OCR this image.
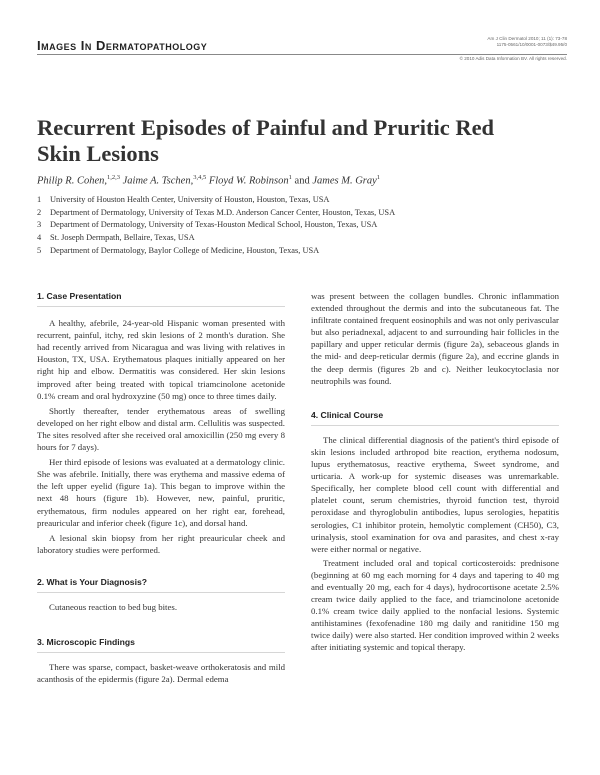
Images In Dermatopathology	Am J Clin Dermatol 2010; 11 (1): 73-78
1175-0561/10/0001-0073/$49.95/0
© 2010 Adis Data Information BV. All rights reserved.
Recurrent Episodes of Painful and Pruritic Red Skin Lesions
Philip R. Cohen,$^{1,2,3}$ Jaime A. Tschen,$^{3,4,5}$ Floyd W. Robinson$^1$ and James M. Gray$^1$
1	University of Houston Health Center, University of Houston, Houston, Texas, USA
2	Department of Dermatology, University of Texas M.D. Anderson Cancer Center, Houston, Texas, USA
3	Department of Dermatology, University of Texas-Houston Medical School, Houston, Texas, USA
4	St. Joseph Dermpath, Bellaire, Texas, USA
5	Department of Dermatology, Baylor College of Medicine, Houston, Texas, USA
1. Case Presentation

A healthy, afebrile, 24-year-old Hispanic woman presented with recurrent, painful, itchy, red skin lesions of 2 month's duration. She had recently arrived from Nicaragua and was living with relatives in Houston, TX, USA. Erythematous plaques initially appeared on her right hip and elbow. Dermatitis was considered. Her skin lesions improved after being treated with topical triamcinolone acetonide 0.1% cream and oral hydroxyzine (50 mg) once to three times daily.

Shortly thereafter, tender erythematous areas of swelling developed on her right elbow and distal arm. Cellulitis was suspected. The sites resolved after she received oral amoxicillin (250 mg every 8 hours for 7 days).

Her third episode of lesions was evaluated at a dermatology clinic. She was afebrile. Initially, there was erythema and massive edema of the left upper eyelid (figure 1a). This began to improve within the next 48 hours (figure 1b). However, new, painful, pruritic, erythematous, firm nodules appeared on her right ear, forehead, preauricular and inferior cheek (figure 1c), and dorsal hand.

A lesional skin biopsy from her right preauricular cheek and laboratory studies were performed.

2. What is Your Diagnosis?

Cutaneous reaction to bed bug bites.

3. Microscopic Findings

There was sparse, compact, basket-weave orthokeratosis and mild acanthosis of the epidermis (figure 2a). Dermal edema

was present between the collagen bundles. Chronic inflammation extended throughout the dermis and into the subcutaneous fat. The infiltrate contained frequent eosinophils and was not only perivascular but also periadnexal, adjacent to and surrounding hair follicles in the papillary and upper reticular dermis (figure 2a), sebaceous glands in the mid- and deep-reticular dermis (figure 2a), and eccrine glands in the deep dermis (figures 2b and c). Neither leukocytoclasia nor neutrophils was found.

4. Clinical Course

The clinical differential diagnosis of the patient's third episode of skin lesions included arthropod bite reaction, erythema nodosum, lupus erythematosus, reactive erythema, Sweet syndrome, and urticaria. A work-up for systemic diseases was unremarkable. Specifically, her complete blood cell count with differential and platelet count, serum chemistries, thyroid function test, thyroid peroxidase and thyroglobulin antibodies, lupus serologies, hepatitis serologies, C1 inhibitor protein, hemolytic complement (CH50), C3, urinalysis, stool examination for ova and parasites, and chest x-ray were either normal or negative.

Treatment included oral and topical corticosteroids: prednisone (beginning at 60 mg each morning for 4 days and tapering to 40 mg and eventually 20 mg, each for 4 days), hydrocortisone acetate 2.5% cream twice daily applied to the face, and triamcinolone acetonide 0.1% cream twice daily applied to the nonfacial lesions. Systemic antihistamines (fexofenadine 180 mg daily and ranitidine 150 mg twice daily) were also started. Her condition improved within 2 weeks after initiating systemic and topical therapy.
